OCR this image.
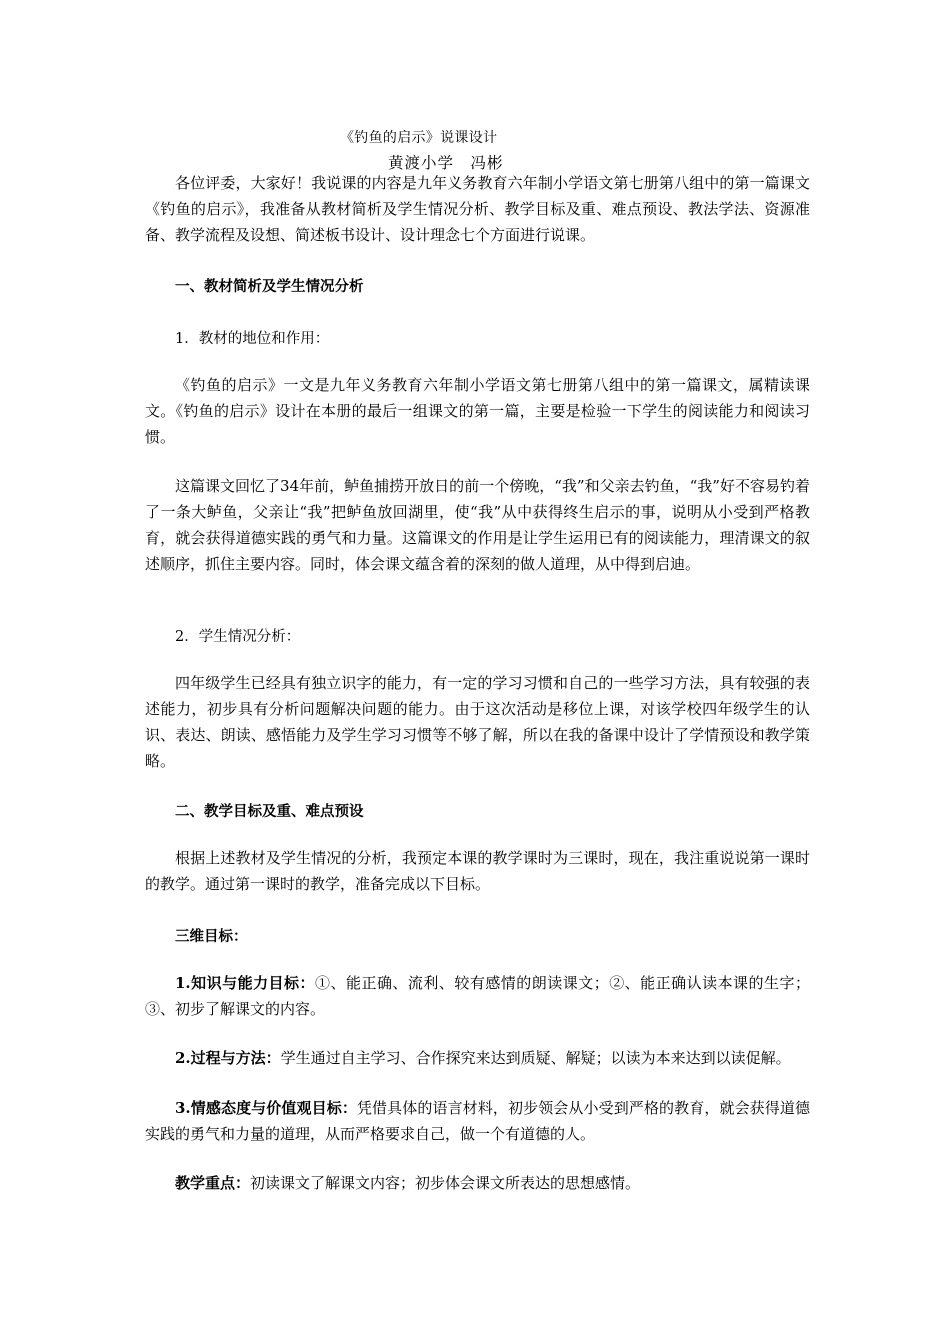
《钓鱼的启示》说课设计
黄渡小学　冯彬

各位评委，大家好！我说课的内容是九年义务教育六年制小学语文第七册第八组中的第一篇课文《钓鱼的启示》，我准备从教材简析及学生情况分析、教学目标及重、难点预设、教法学法、资源准备、教学流程及设想、简述板书设计、设计理念七个方面进行说课。

一、教材简析及学生情况分析

1．教材的地位和作用：

《钓鱼的启示》一文是九年义务教育六年制小学语文第七册第八组中的第一篇课文，属精读课文。《钓鱼的启示》设计在本册的最后一组课文的第一篇，主要是检验一下学生的阅读能力和阅读习惯。

这篇课文回忆了34年前，鲈鱼捕捞开放日的前一个傍晚，“我”和父亲去钓鱼，“我”好不容易钓着了一条大鲈鱼，父亲让“我”把鲈鱼放回湖里，使“我”从中获得终生启示的事，说明从小受到严格教育，就会获得道德实践的勇气和力量。这篇课文的作用是让学生运用已有的阅读能力，理清课文的叙述顺序，抓住主要内容。同时，体会课文蕴含着的深刻的做人道理，从中得到启迪。

2．学生情况分析：

四年级学生已经具有独立识字的能力，有一定的学习习惯和自己的一些学习方法，具有较强的表述能力，初步具有分析问题解决问题的能力。由于这次活动是移位上课，对该学校四年级学生的认识、表达、朗读、感悟能力及学生学习习惯等不够了解，所以在我的备课中设计了学情预设和教学策略。

二、教学目标及重、难点预设

根据上述教材及学生情况的分析，我预定本课的教学课时为三课时，现在，我注重说说第一课时的教学。通过第一课时的教学，准备完成以下目标。

三维目标：

1.知识与能力目标：①、能正确、流利、较有感情的朗读课文；②、能正确认读本课的生字；③、初步了解课文的内容。

2.过程与方法：学生通过自主学习、合作探究来达到质疑、解疑；以读为本来达到以读促解。

3.情感态度与价值观目标：凭借具体的语言材料，初步领会从小受到严格的教育，就会获得道德实践的勇气和力量的道理，从而严格要求自己，做一个有道德的人。

教学重点：初读课文了解课文内容；初步体会课文所表达的思想感情。
